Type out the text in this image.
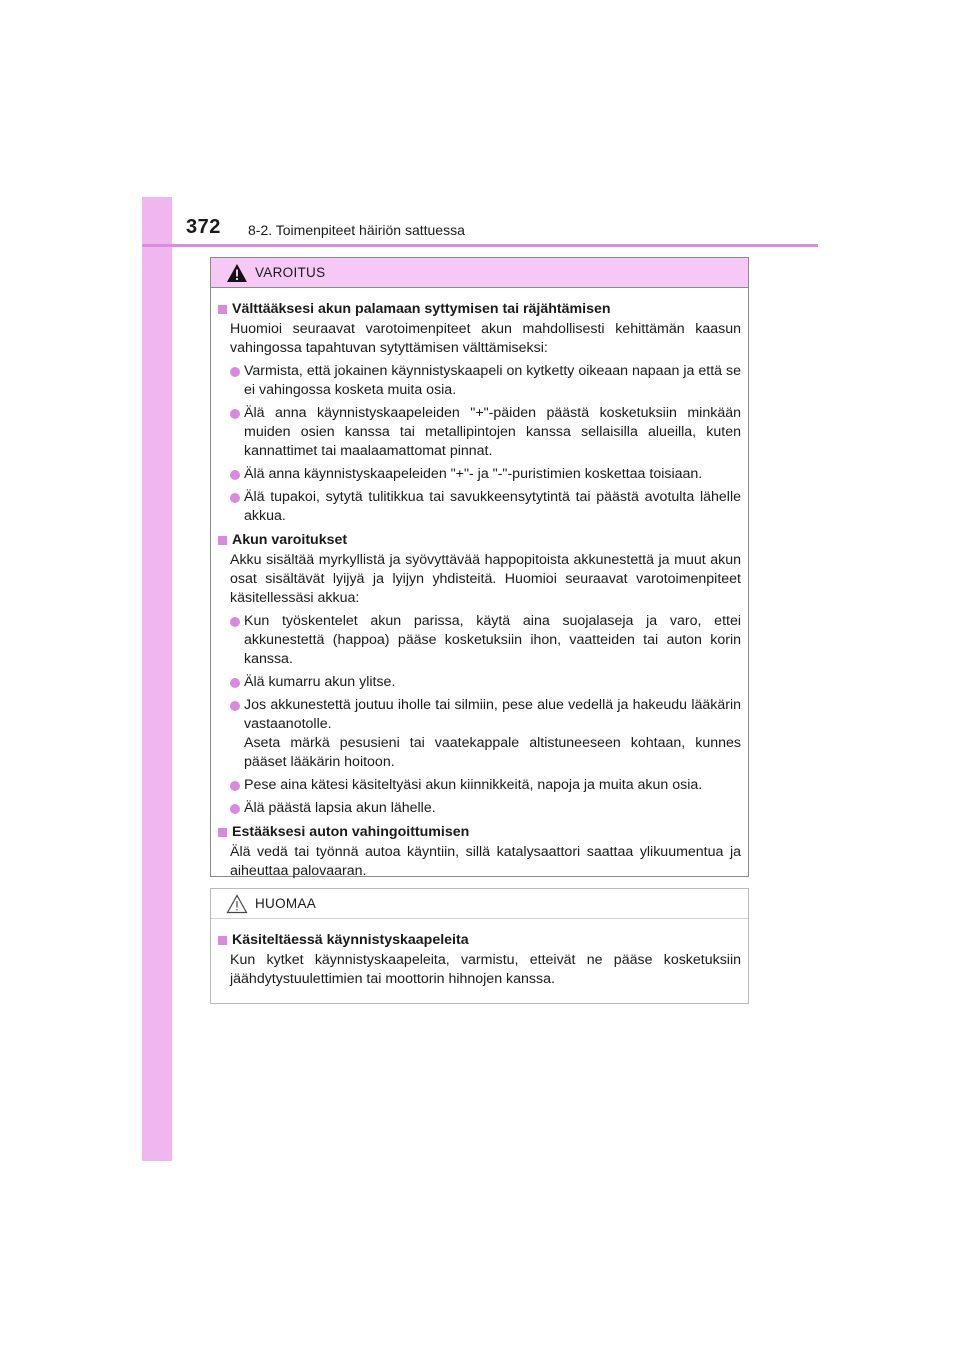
372 8-2. Toimenpiteet häiriön sattuessa
VAROITUS
Välttääksesi akun palamaan syttymisen tai räjähtämisen
Huomioi seuraavat varotoimenpiteet akun mahdollisesti kehittämän kaasun vahingossa tapahtuvan sytyttämisen välttämiseksi:
Varmista, että jokainen käynnistyskaapeli on kytketty oikeaan napaan ja että se ei vahingossa kosketa muita osia.
Älä anna käynnistyskaapeleiden "+"-päiden päästä kosketuksiin minkään muiden osien kanssa tai metallipintojen kanssa sellaisilla alueilla, kuten kannattimet tai maalaamattomat pinnat.
Älä anna käynnistyskaapeleiden "+"- ja "-"-puristimien koskettaa toisiaan.
Älä tupakoi, sytytä tulitikkua tai savukkeensytytintä tai päästä avotulta lähelle akkua.
Akun varoitukset
Akku sisältää myrkyllistä ja syövyttävää happopitoista akkunestettä ja muut akun osat sisältävät lyijyä ja lyijyn yhdisteitä. Huomioi seuraavat varotoimenpiteet käsitellessäsi akkua:
Kun työskentelet akun parissa, käytä aina suojalaseja ja varo, ettei akkunestettä (happoa) pääse kosketuksiin ihon, vaatteiden tai auton korin kanssa.
Älä kumarru akun ylitse.
Jos akkunestettä joutuu iholle tai silmiin, pese alue vedellä ja hakeudu lääkärin vastaanotolle.
Aseta märkä pesusieni tai vaatekappale altistuneeseen kohtaan, kunnes pääset lääkärin hoitoon.
Pese aina kätesi käsiteltyäsi akun kiinnikkeitä, napoja ja muita akun osia.
Älä päästä lapsia akun lähelle.
Estääksesi auton vahingoittumisen
Älä vedä tai työnnä autoa käyntiin, sillä katalysaattori saattaa ylikuumentua ja aiheuttaa palovaaran.
HUOMAA
Käsiteltäessä käynnistyskaapeleita
Kun kytket käynnistyskaapeleita, varmistu, etteivät ne pääse kosketuksiin jäähdytystuulettimien tai moottorin hihnojen kanssa.
